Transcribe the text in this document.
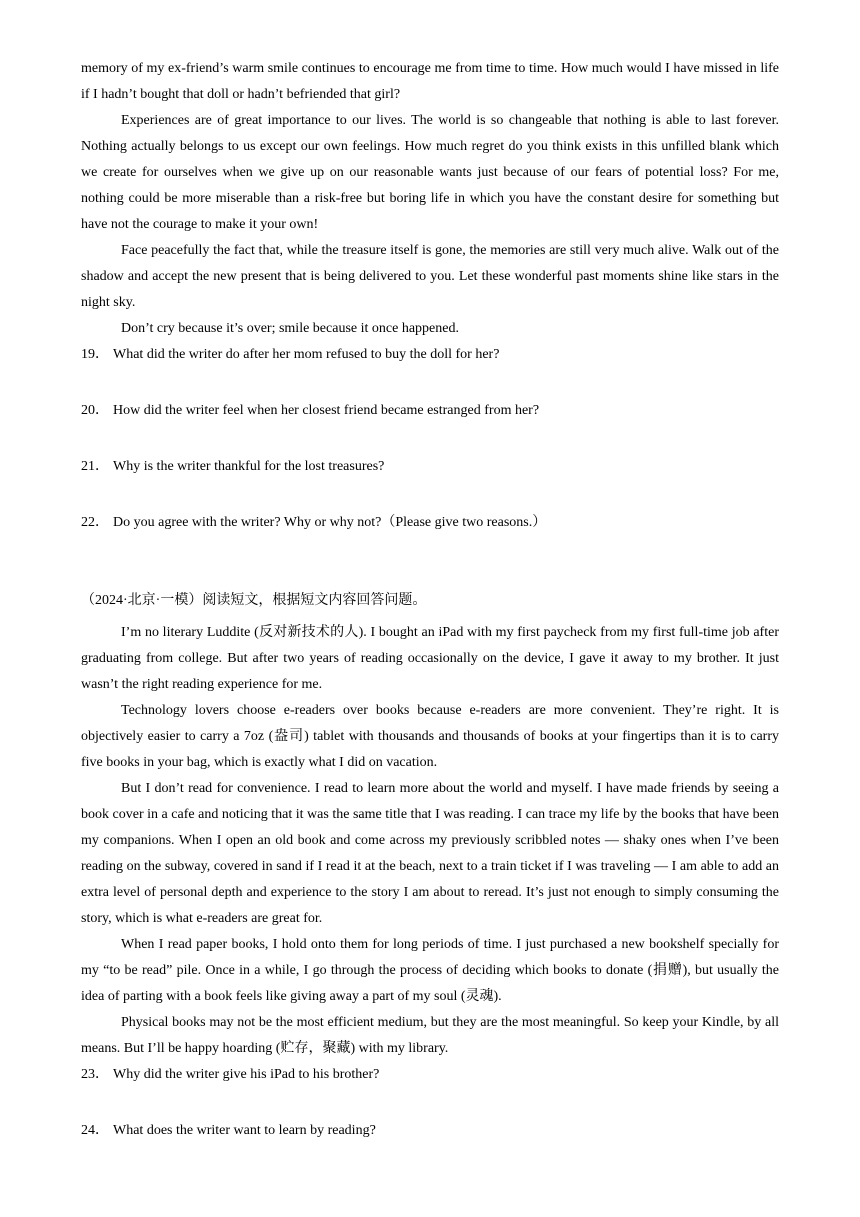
memory of my ex-friend’s warm smile continues to encourage me from time to time. How much would I have missed in life if I hadn’t bought that doll or hadn’t befriended that girl?

Experiences are of great importance to our lives. The world is so changeable that nothing is able to last forever. Nothing actually belongs to us except our own feelings. How much regret do you think exists in this unfilled blank which we create for ourselves when we give up on our reasonable wants just because of our fears of potential loss? For me, nothing could be more miserable than a risk-free but boring life in which you have the constant desire for something but have not the courage to make it your own!

Face peacefully the fact that, while the treasure itself is gone, the memories are still very much alive. Walk out of the shadow and accept the new present that is being delivered to you. Let these wonderful past moments shine like stars in the night sky.

Don’t cry because it’s over; smile because it once happened.

19． What did the writer do after her mom refused to buy the doll for her?
20． How did the writer feel when her closest friend became estranged from her?
21． Why is the writer thankful for the lost treasures?
22． Do you agree with the writer? Why or why not?（Please give two reasons.）
（2024·北京·一模）阅读短文，根据短文内容回答问题。

I’m no literary Luddite (反对新技术的人). I bought an iPad with my first paycheck from my first full-time job after graduating from college. But after two years of reading occasionally on the device, I gave it away to my brother. It just wasn’t the right reading experience for me.

Technology lovers choose e-readers over books because e-readers are more convenient. They’re right. It is objectively easier to carry a 7oz (盎司) tablet with thousands and thousands of books at your fingertips than it is to carry five books in your bag, which is exactly what I did on vacation.

But I don’t read for convenience. I read to learn more about the world and myself. I have made friends by seeing a book cover in a cafe and noticing that it was the same title that I was reading. I can trace my life by the books that have been my companions. When I open an old book and come across my previously scribbled notes — shaky ones when I’ve been reading on the subway, covered in sand if I read it at the beach, next to a train ticket if I was traveling — I am able to add an extra level of personal depth and experience to the story I am about to reread. It’s just not enough to simply consuming the story, which is what e-readers are great for.

When I read paper books, I hold onto them for long periods of time. I just purchased a new bookshelf specially for my “to be read” pile. Once in a while, I go through the process of deciding which books to donate (捐赠), but usually the idea of parting with a book feels like giving away a part of my soul (灵魂).

Physical books may not be the most efficient medium, but they are the most meaningful. So keep your Kindle, by all means. But I’ll be happy hoarding (贮存，聚藏) with my library.

23． Why did the writer give his iPad to his brother?
24． What does the writer want to learn by reading?
